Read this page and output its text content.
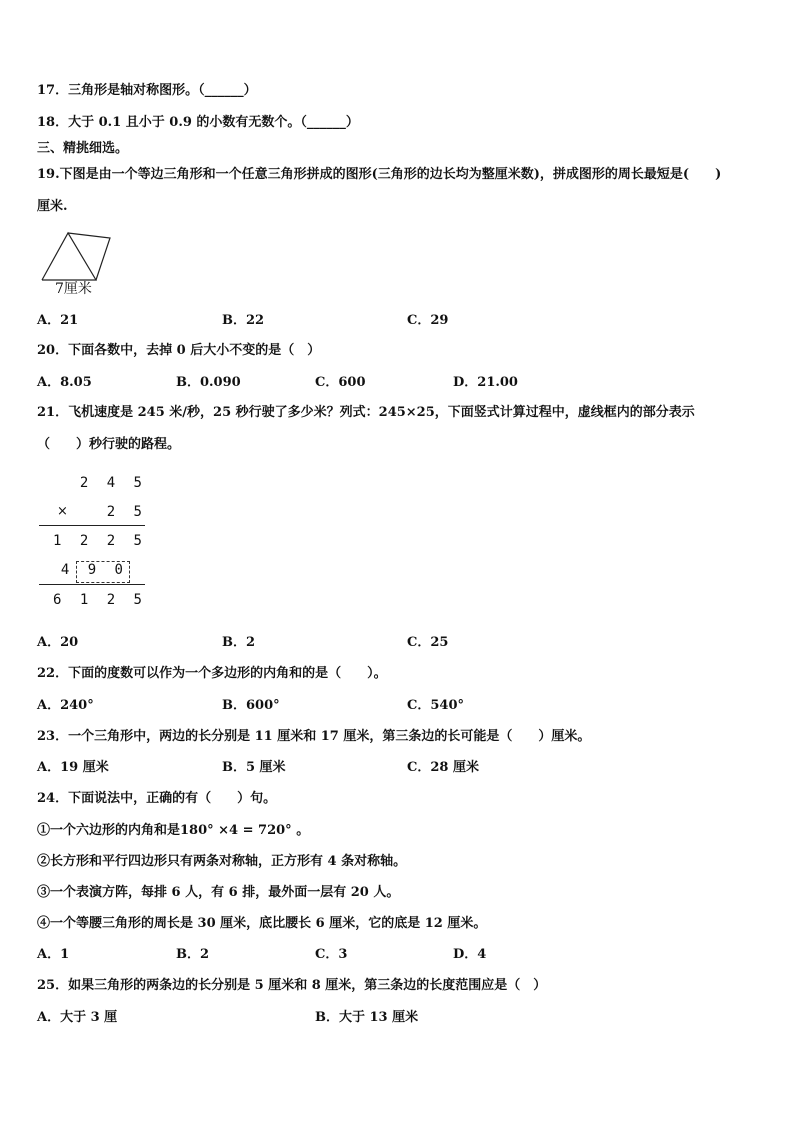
17．三角形是轴对称图形。（______）
18．大于 0.1 且小于 0.9 的小数有无数个。（______）
三、精挑细选。
19.下图是由一个等边三角形和一个任意三角形拼成的图形(三角形的边长均为整厘米数)，拼成图形的周长最短是(　　)
厘米.
7厘米
A．21	B．22	C．29
20．下面各数中，去掉 0 后大小不变的是（　）
A．8.05	B．0.090	C．600	D．21.00
21．飞机速度是 245 米/秒，25 秒行驶了多少米？列式：245×25，下面竖式计算过程中，虚线框内的部分表示
（　　）秒行驶的路程。
2 4 5
×	2 5
1 2 2 5
4 9 0
6 1 2 5
A．20	B．2	C．25
22．下面的度数可以作为一个多边形的内角和的是（　　）。
A．240°	B．600°	C．540°
23．一个三角形中，两边的长分别是 11 厘米和 17 厘米，第三条边的长可能是（　　）厘米。
A．19 厘米	B．5 厘米	C．28 厘米
24．下面说法中，正确的有（　　）句。
①一个六边形的内角和是180° ×4 = 720° 。
②长方形和平行四边形只有两条对称轴，正方形有 4 条对称轴。
③一个表演方阵，每排 6 人，有 6 排，最外面一层有 20 人。
④一个等腰三角形的周长是 30 厘米，底比腰长 6 厘米，它的底是 12 厘米。
A．1	B．2	C．3	D．4
25．如果三角形的两条边的长分别是 5 厘米和 8 厘米，第三条边的长度范围应是（　）
A．大于 3 厘	B．大于 13 厘米
